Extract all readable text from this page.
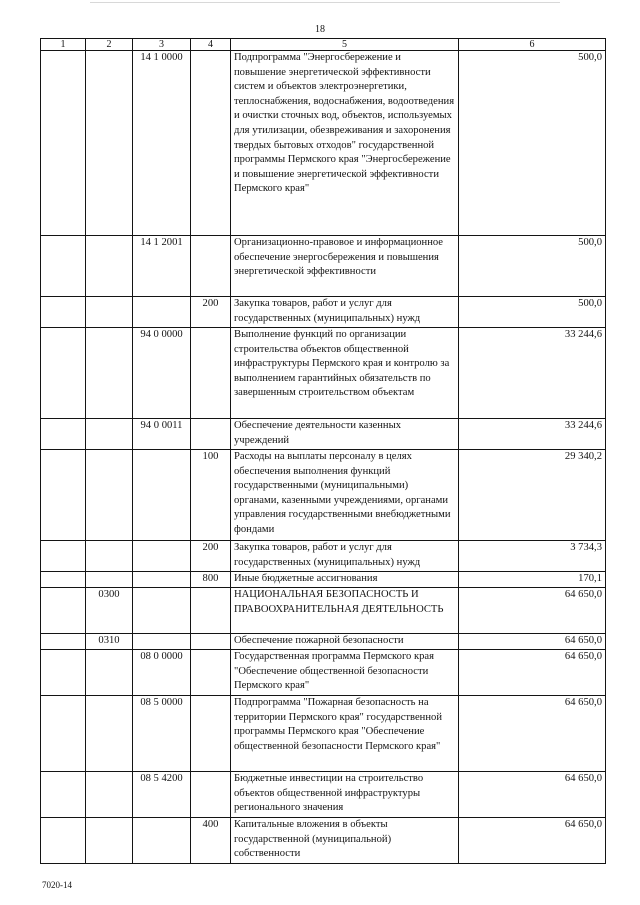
18
1	2	3	4	5	6
		14 1 0000		Подпрограмма "Энергосбережение и повышение энергетической эффективности систем и объектов электроэнергетики, теплоснабжения, водоснабжения, водоотведения и очистки сточных вод, объектов, используемых для утилизации, обезвреживания и захоронения твердых бытовых отходов" государственной программы Пермского края "Энергосбережение и повышение энергетической эффективности Пермского края"	500,0
		14 1 2001		Организационно-правовое и информационное обеспечение энергосбережения и повышения энергетической эффективности	500,0
			200	Закупка товаров, работ и услуг для государственных (муниципальных) нужд	500,0
		94 0 0000		Выполнение функций по организации строительства объектов общественной инфраструктуры Пермского края и контролю за выполнением гарантийных обязательств по завершенным строительством объектам	33 244,6
		94 0 0011		Обеспечение деятельности казенных учреждений	33 244,6
			100	Расходы на выплаты персоналу в целях обеспечения выполнения функций государственными (муниципальными) органами, казенными учреждениями, органами управления государственными внебюджетными фондами	29 340,2
			200	Закупка товаров, работ и услуг для государственных (муниципальных) нужд	3 734,3
			800	Иные бюджетные ассигнования	170,1
	0300			НАЦИОНАЛЬНАЯ БЕЗОПАСНОСТЬ И ПРАВООХРАНИТЕЛЬНАЯ ДЕЯТЕЛЬНОСТЬ	64 650,0
	0310			Обеспечение пожарной безопасности	64 650,0
		08 0 0000		Государственная программа Пермского края "Обеспечение общественной безопасности Пермского края"	64 650,0
		08 5 0000		Подпрограмма "Пожарная безопасность на территории Пермского края" государственной программы Пермского края "Обеспечение общественной безопасности Пермского края"	64 650,0
		08 5 4200		Бюджетные инвестиции на строительство объектов общественной инфраструктуры регионального значения	64 650,0
			400	Капитальные вложения в объекты государственной (муниципальной) собственности	64 650,0
7020-14
